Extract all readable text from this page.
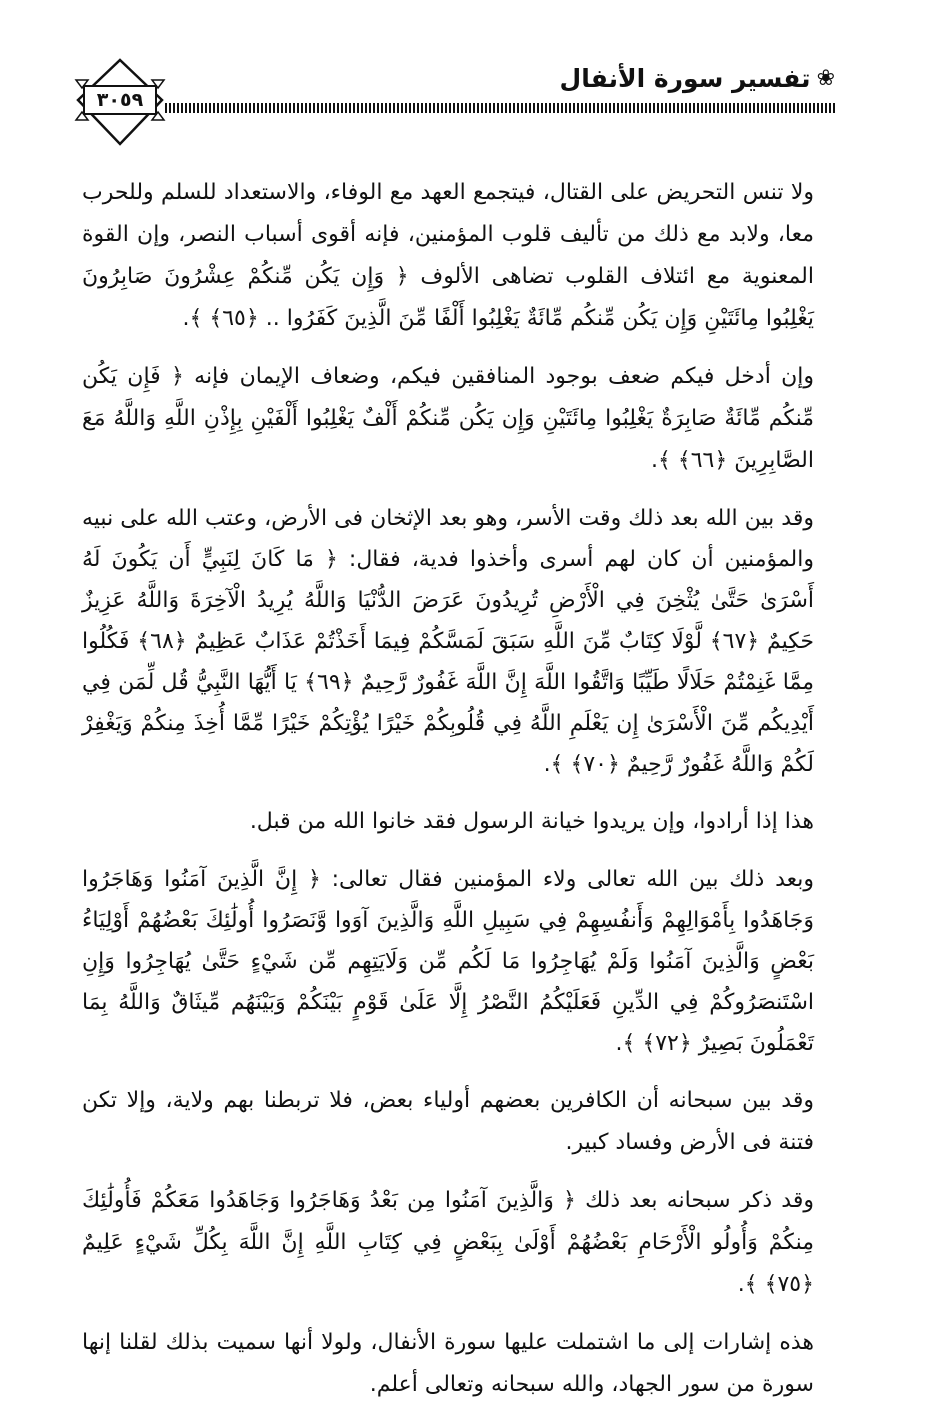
❀
تفسير سورة الأنفال
٣٠٥٩

ولا تنس التحريض على القتال، فيتجمع العهد مع الوفاء، والاستعداد للسلم وللحرب معا، ولابد مع ذلك من تأليف قلوب المؤمنين، فإنه أقوى أسباب النصر، وإن القوة المعنوية مع ائتلاف القلوب تضاهى الألوف ﴿ وَإِن يَكُن مِّنكُمْ عِشْرُونَ صَابِرُونَ يَغْلِبُوا مِائَتَيْنِ وَإِن يَكُن مِّنكُم مِّائَةٌ يَغْلِبُوا أَلْفًا مِّنَ الَّذِينَ كَفَرُوا .. ﴿٦٥﴾ ﴾.

وإن أدخل فيكم ضعف بوجود المنافقين فيكم، وضعاف الإيمان فإنه ﴿ فَإِن يَكُن مِّنكُم مِّائَةٌ صَابِرَةٌ يَغْلِبُوا مِائَتَيْنِ وَإِن يَكُن مِّنكُمْ أَلْفٌ يَغْلِبُوا أَلْفَيْنِ بِإِذْنِ اللَّهِ وَاللَّهُ مَعَ الصَّابِرِينَ ﴿٦٦﴾ ﴾.

وقد بين الله بعد ذلك وقت الأسر، وهو بعد الإثخان فى الأرض، وعتب الله على نبيه والمؤمنين أن كان لهم أسرى وأخذوا فدية، فقال: ﴿ مَا كَانَ لِنَبِيٍّ أَن يَكُونَ لَهُ أَسْرَىٰ حَتَّىٰ يُثْخِنَ فِي الْأَرْضِ تُرِيدُونَ عَرَضَ الدُّنْيَا وَاللَّهُ يُرِيدُ الْآخِرَةَ وَاللَّهُ عَزِيزٌ حَكِيمٌ ﴿٦٧﴾ لَّوْلَا كِتَابٌ مِّنَ اللَّهِ سَبَقَ لَمَسَّكُمْ فِيمَا أَخَذْتُمْ عَذَابٌ عَظِيمٌ ﴿٦٨﴾ فَكُلُوا مِمَّا غَنِمْتُمْ حَلَالًا طَيِّبًا وَاتَّقُوا اللَّهَ إِنَّ اللَّهَ غَفُورٌ رَّحِيمٌ ﴿٦٩﴾ يَا أَيُّهَا النَّبِيُّ قُل لِّمَن فِي أَيْدِيكُم مِّنَ الْأَسْرَىٰ إِن يَعْلَمِ اللَّهُ فِي قُلُوبِكُمْ خَيْرًا يُؤْتِكُمْ خَيْرًا مِّمَّا أُخِذَ مِنكُمْ وَيَغْفِرْ لَكُمْ وَاللَّهُ غَفُورٌ رَّحِيمٌ ﴿٧٠﴾ ﴾.

هذا إذا أرادوا، وإن يريدوا خيانة الرسول فقد خانوا الله من قبل.

وبعد ذلك بين الله تعالى ولاء المؤمنين فقال تعالى: ﴿ إِنَّ الَّذِينَ آمَنُوا وَهَاجَرُوا وَجَاهَدُوا بِأَمْوَالِهِمْ وَأَنفُسِهِمْ فِي سَبِيلِ اللَّهِ وَالَّذِينَ آوَوا وَّنَصَرُوا أُولَٰئِكَ بَعْضُهُمْ أَوْلِيَاءُ بَعْضٍ وَالَّذِينَ آمَنُوا وَلَمْ يُهَاجِرُوا مَا لَكُم مِّن وَلَايَتِهِم مِّن شَيْءٍ حَتَّىٰ يُهَاجِرُوا وَإِنِ اسْتَنصَرُوكُمْ فِي الدِّينِ فَعَلَيْكُمُ النَّصْرُ إِلَّا عَلَىٰ قَوْمٍ بَيْنَكُمْ وَبَيْنَهُم مِّيثَاقٌ وَاللَّهُ بِمَا تَعْمَلُونَ بَصِيرٌ ﴿٧٢﴾ ﴾.

وقد بين سبحانه أن الكافرين بعضهم أولياء بعض، فلا تربطنا بهم ولاية، وإلا تكن فتنة فى الأرض وفساد كبير.

وقد ذكر سبحانه بعد ذلك ﴿ وَالَّذِينَ آمَنُوا مِن بَعْدُ وَهَاجَرُوا وَجَاهَدُوا مَعَكُمْ فَأُولَٰئِكَ مِنكُمْ وَأُولُو الْأَرْحَامِ بَعْضُهُمْ أَوْلَىٰ بِبَعْضٍ فِي كِتَابِ اللَّهِ إِنَّ اللَّهَ بِكُلِّ شَيْءٍ عَلِيمٌ ﴿٧٥﴾ ﴾.

هذه إشارات إلى ما اشتملت عليها سورة الأنفال، ولولا أنها سميت بذلك لقلنا إنها سورة من سور الجهاد، والله سبحانه وتعالى أعلم.
